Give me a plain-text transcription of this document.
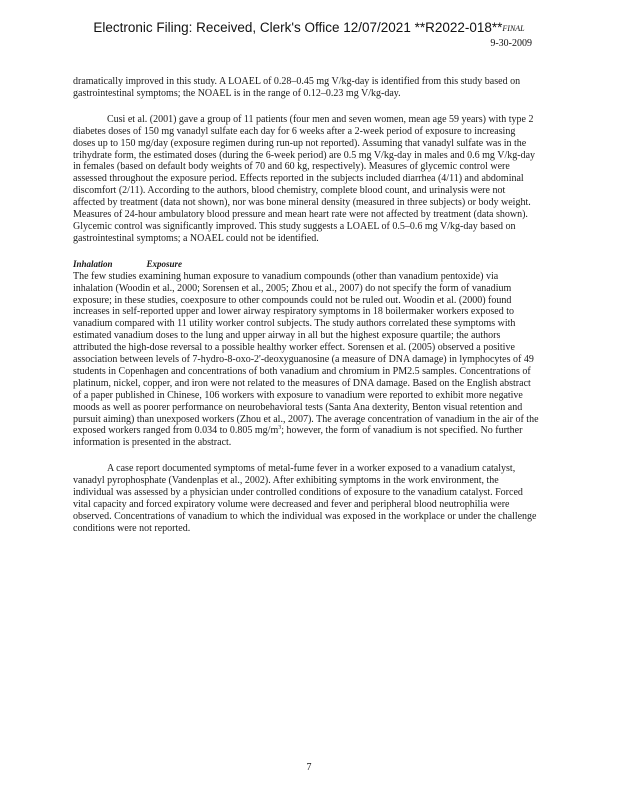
Electronic Filing: Received, Clerk's Office 12/07/2021 **R2022-018**FINAL
9-30-2009

dramatically improved in this study. A LOAEL of 0.28–0.45 mg V/kg-day is identified from this study based on gastrointestinal symptoms; the NOAEL is in the range of 0.12–0.23 mg V/kg-day.

Cusi et al. (2001) gave a group of 11 patients (four men and seven women, mean age 59 years) with type 2 diabetes doses of 150 mg vanadyl sulfate each day for 6 weeks after a 2-week period of exposure to increasing doses up to 150 mg/day (exposure regimen during run-up not reported). Assuming that vanadyl sulfate was in the trihydrate form, the estimated doses (during the 6-week period) are 0.5 mg V/kg-day in males and 0.6 mg V/kg-day in females (based on default body weights of 70 and 60 kg, respectively). Measures of glycemic control were assessed throughout the exposure period. Effects reported in the subjects included diarrhea (4/11) and abdominal discomfort (2/11). According to the authors, blood chemistry, complete blood count, and urinalysis were not affected by treatment (data not shown), nor was bone mineral density (measured in three subjects) or body weight. Measures of 24-hour ambulatory blood pressure and mean heart rate were not affected by treatment (data shown). Glycemic control was significantly improved. This study suggests a LOAEL of 0.5–0.6 mg V/kg-day based on gastrointestinal symptoms; a NOAEL could not be identified.

Inhalation	Exposure

The few studies examining human exposure to vanadium compounds (other than vanadium pentoxide) via inhalation (Woodin et al., 2000; Sorensen et al., 2005; Zhou et al., 2007) do not specify the form of vanadium exposure; in these studies, coexposure to other compounds could not be ruled out. Woodin et al. (2000) found increases in self-reported upper and lower airway respiratory symptoms in 18 boilermaker workers exposed to vanadium compared with 11 utility worker control subjects. The study authors correlated these symptoms with estimated vanadium doses to the lung and upper airway in all but the highest exposure quartile; the authors attributed the high-dose reversal to a possible healthy worker effect. Sorensen et al. (2005) observed a positive association between levels of 7-hydro-8-oxo-2'-deoxyguanosine (a measure of DNA damage) in lymphocytes of 49 students in Copenhagen and concentrations of both vanadium and chromium in PM2.5 samples. Concentrations of platinum, nickel, copper, and iron were not related to the measures of DNA damage. Based on the English abstract of a paper published in Chinese, 106 workers with exposure to vanadium were reported to exhibit more negative moods as well as poorer performance on neurobehavioral tests (Santa Ana dexterity, Benton visual retention and pursuit aiming) than unexposed workers (Zhou et al., 2007). The average concentration of vanadium in the air of the exposed workers ranged from 0.034 to 0.805 $mg/m^3$; however, the form of vanadium is not specified. No further information is presented in the abstract.

A case report documented symptoms of metal-fume fever in a worker exposed to a vanadium catalyst, vanadyl pyrophosphate (Vandenplas et al., 2002). After exhibiting symptoms in the work environment, the individual was assessed by a physician under controlled conditions of exposure to the vanadium catalyst. Forced vital capacity and forced expiratory volume were decreased and fever and peripheral blood neutrophilia were observed. Concentrations of vanadium to which the individual was exposed in the workplace or under the challenge conditions were not reported.

7
